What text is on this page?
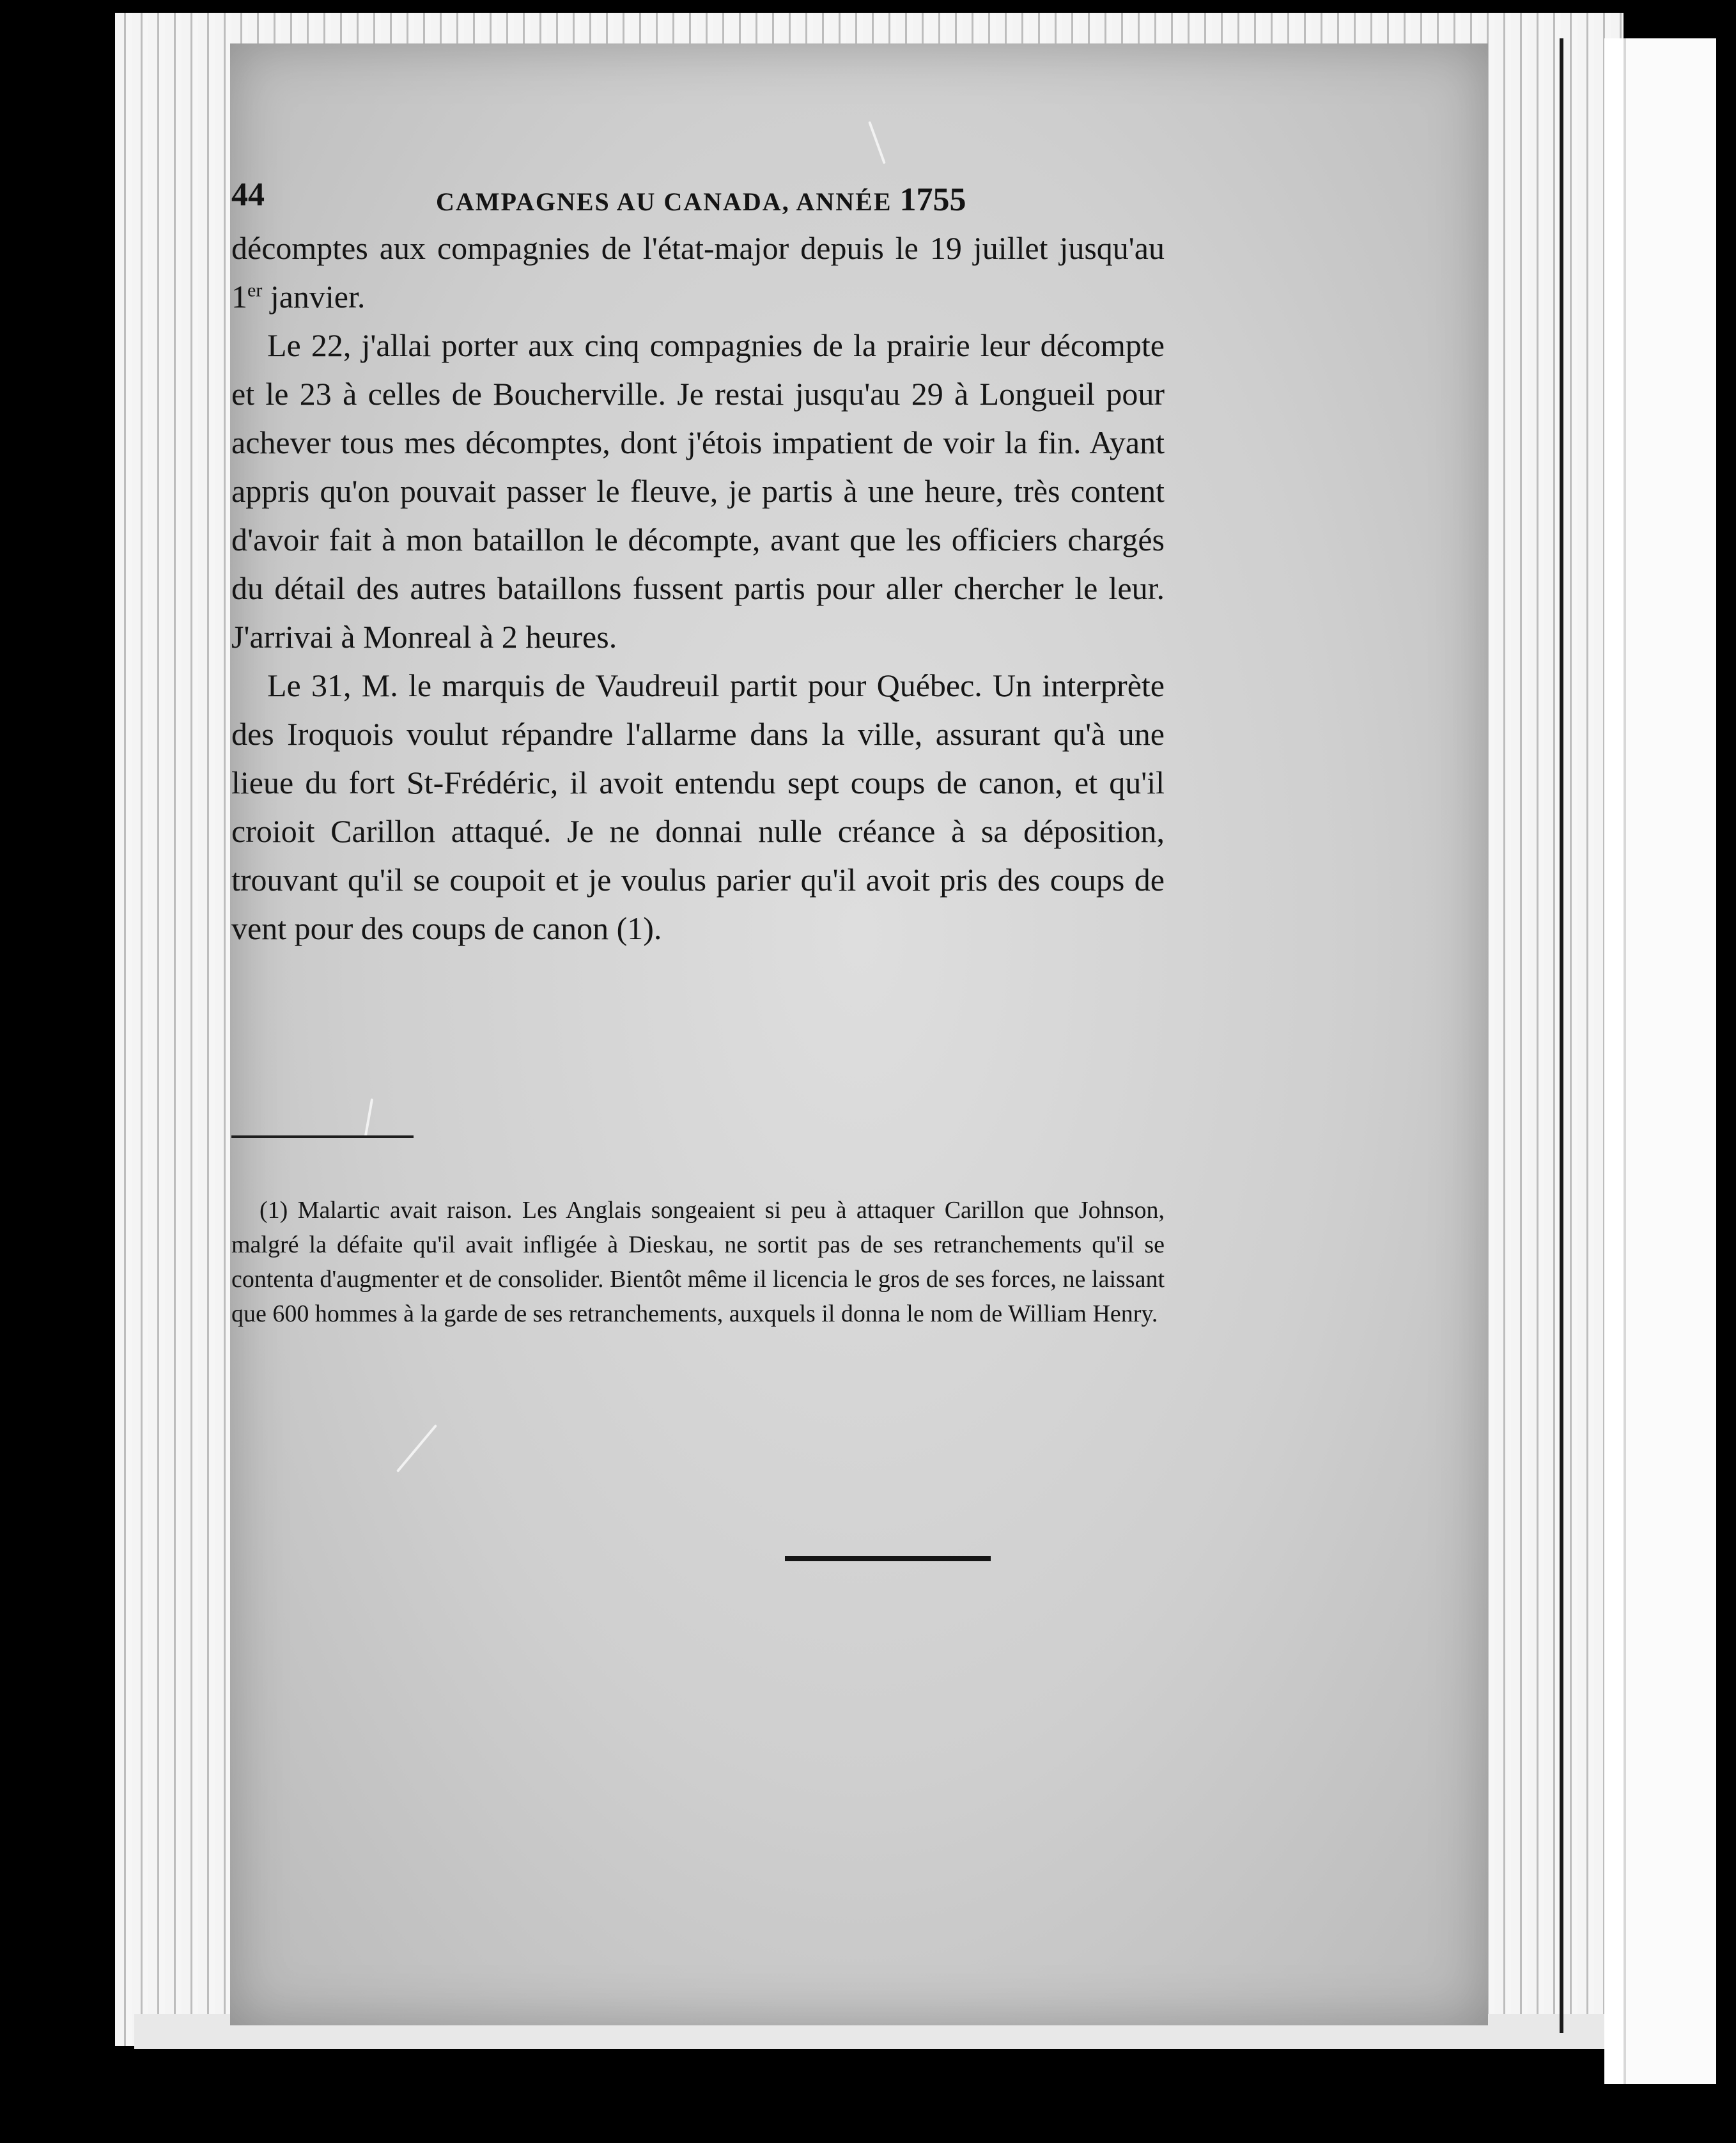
44	CAMPAGNES AU CANADA, ANNÉE 1755

décomptes aux compagnies de l'état-major depuis le 19 juillet jusqu'au 1er janvier.

Le 22, j'allai porter aux cinq compagnies de la prairie leur décompte et le 23 à celles de Boucherville. Je restai jusqu'au 29 à Longueil pour achever tous mes décomptes, dont j'étois impatient de voir la fin. Ayant appris qu'on pouvait passer le fleuve, je partis à une heure, très content d'avoir fait à mon bataillon le décompte, avant que les officiers chargés du détail des autres bataillons fussent partis pour aller chercher le leur. J'arrivai à Monreal à 2 heures.

Le 31, M. le marquis de Vaudreuil partit pour Québec. Un interprète des Iroquois voulut répandre l'allarme dans la ville, assurant qu'à une lieue du fort St-Frédéric, il avoit entendu sept coups de canon, et qu'il croioit Carillon attaqué. Je ne donnai nulle créance à sa déposition, trouvant qu'il se coupoit et je voulus parier qu'il avoit pris des coups de vent pour des coups de canon (1).

(1) Malartic avait raison. Les Anglais songeaient si peu à attaquer Carillon que Johnson, malgré la défaite qu'il avait infligée à Dieskau, ne sortit pas de ses retranchements qu'il se contenta d'augmenter et de consolider. Bientôt même il licencia le gros de ses forces, ne laissant que 600 hommes à la garde de ses retranchements, auxquels il donna le nom de William Henry.
